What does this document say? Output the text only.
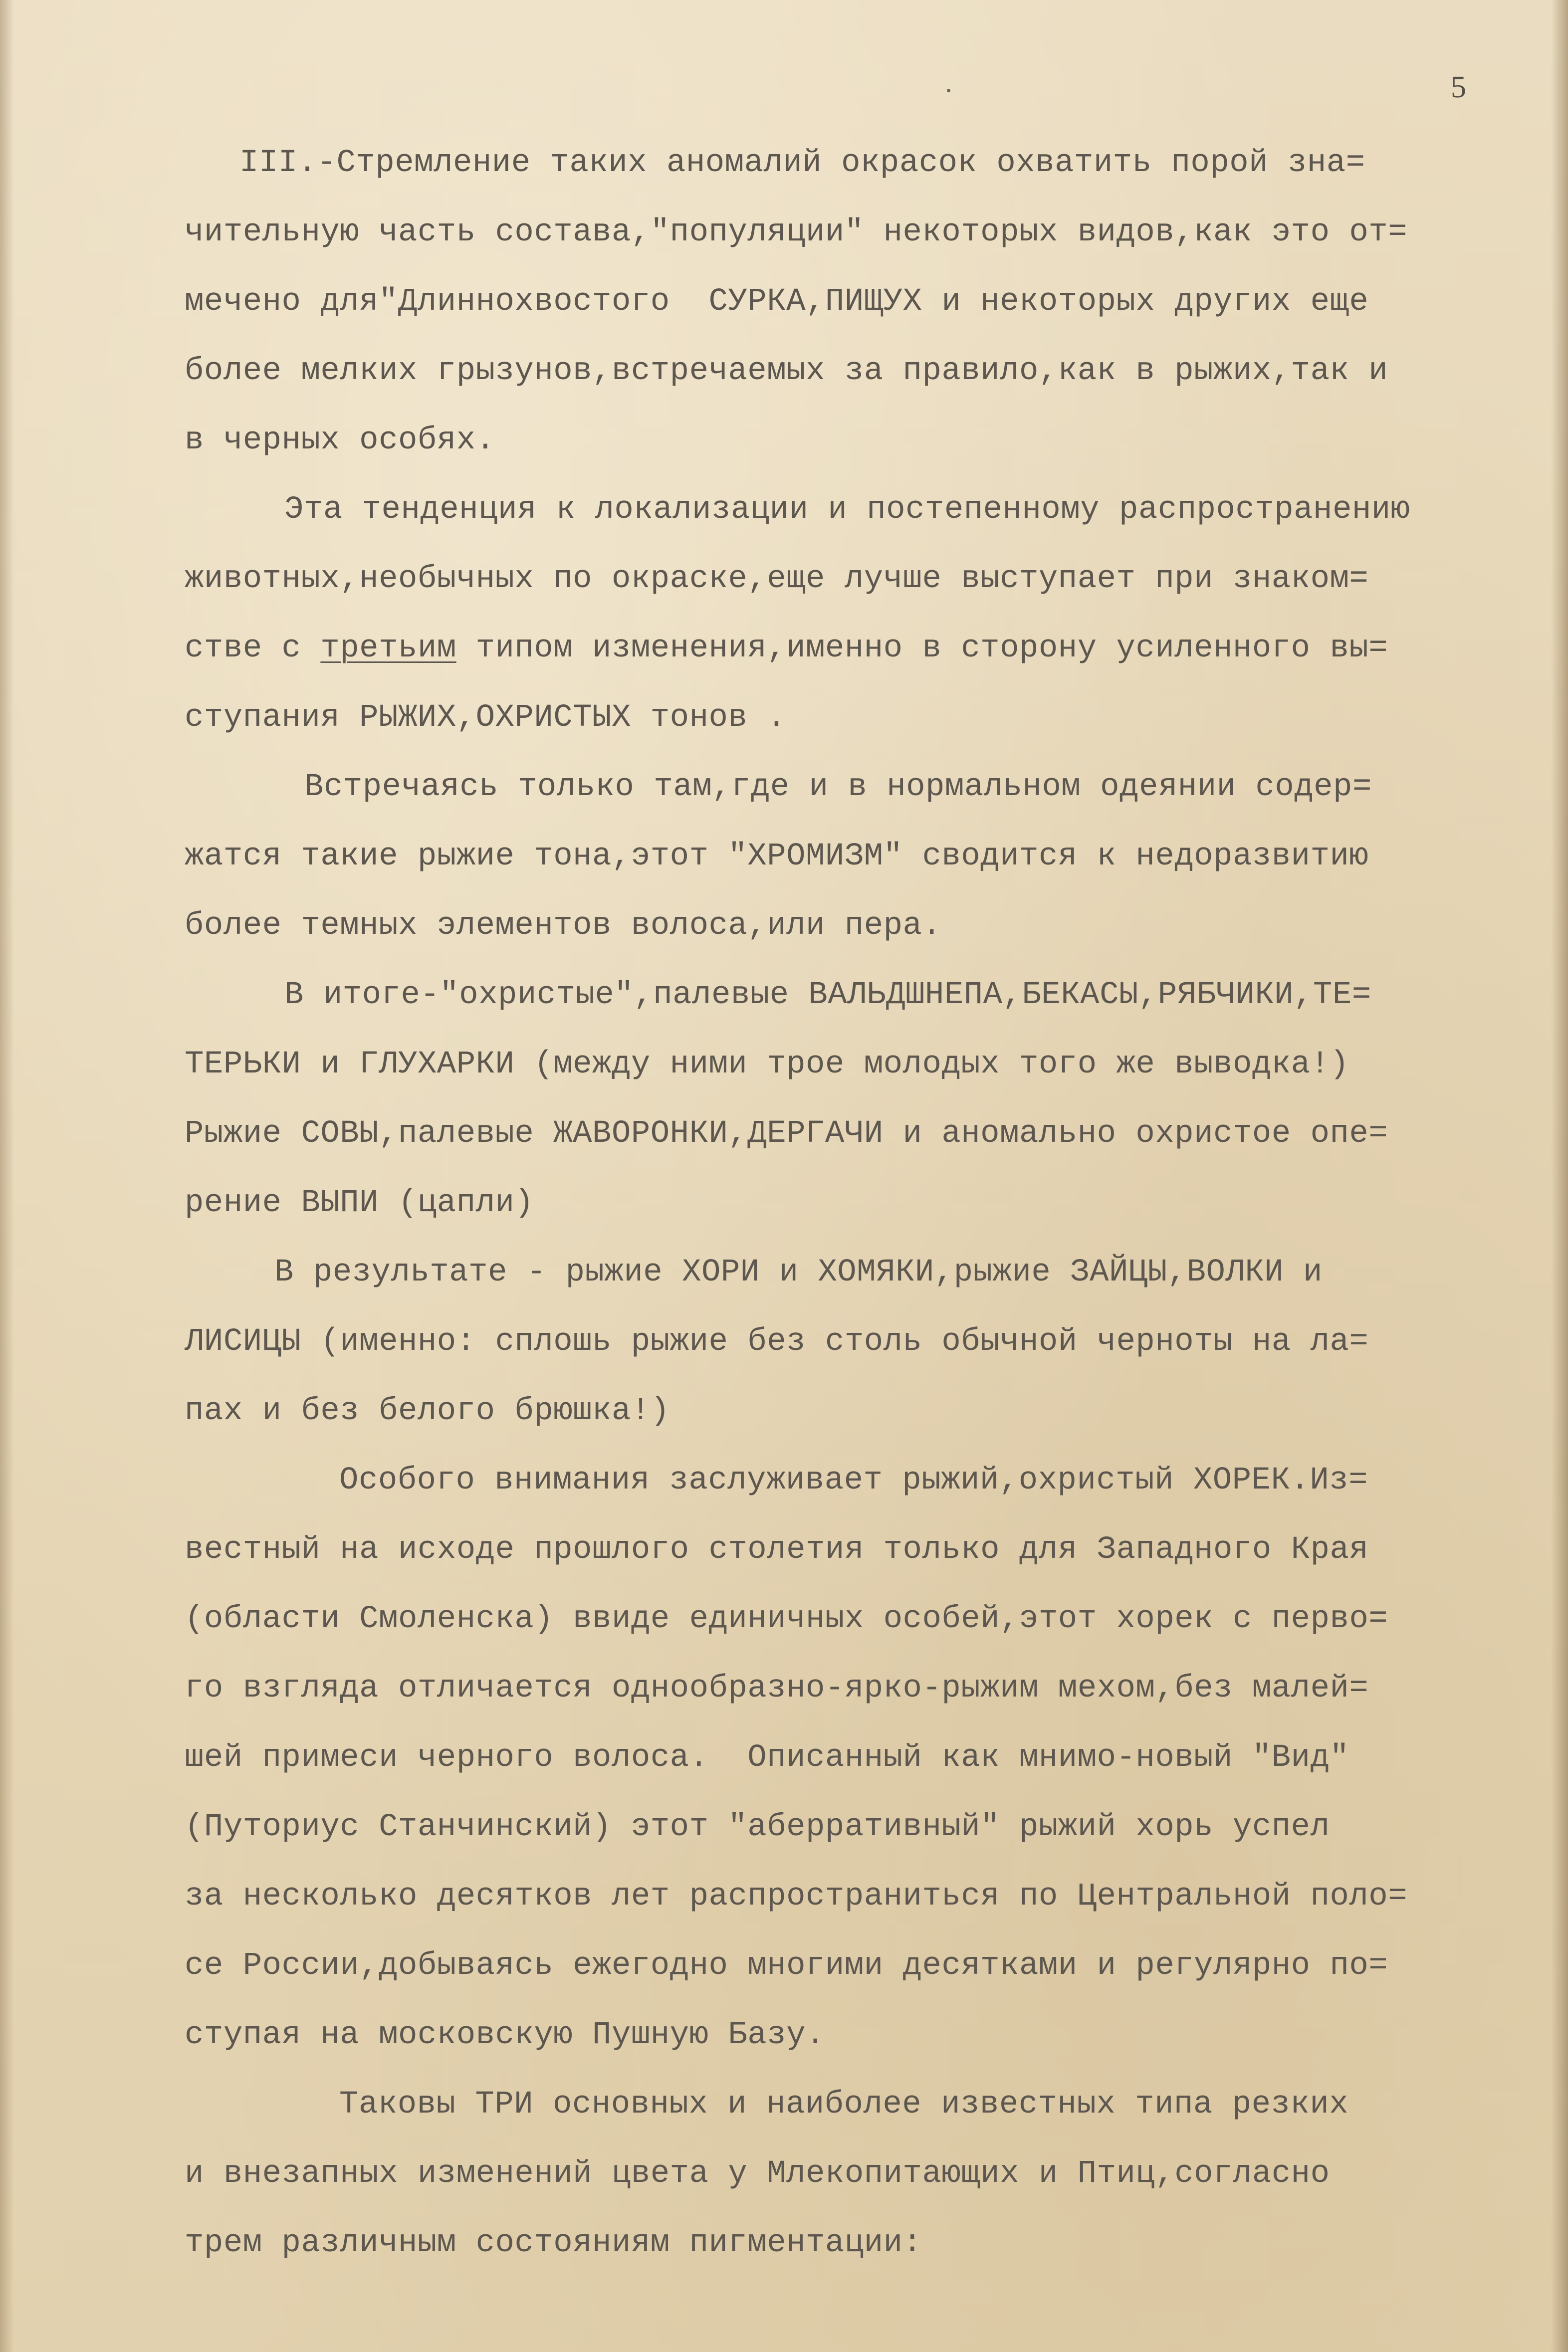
5
III.-Стремление таких аномалий окрасок охватить порой зна=
чительную часть состава,"популяции" некоторых видов,как это от=
мечено для"Длиннохвостого  СУРКА,ПИЩУХ и некоторых других еще
более мелких грызунов,встречаемых за правило,как в рыжих,так и
в черных особях.
Эта тенденция к локализации и постепенному распространению
животных,необычных по окраске,еще лучше выступает при знаком=
стве с третьим типом изменения,именно в сторону усиленного вы=
ступания РЫЖИХ,ОХРИСТЫХ тонов .
Встречаясь только там,где и в нормальном одеянии содер=
жатся такие рыжие тона,этот "ХРОМИЗМ" сводится к недоразвитию
более темных элементов волоса,или пера.
В итоге-"охристые",палевые ВАЛЬДШНЕПА,БЕКАСЫ,РЯБЧИКИ,ТЕ=
ТЕРЬКИ и ГЛУХАРКИ (между ними трое молодых того же выводка!)
Рыжие СОВЫ,палевые ЖАВОРОНКИ,ДЕРГАЧИ и аномально охристое опе=
рение ВЫПИ (цапли)
В результате - рыжие ХОРИ и ХОМЯКИ,рыжие ЗАЙЦЫ,ВОЛКИ и
ЛИСИЦЫ (именно: сплошь рыжие без столь обычной черноты на ла=
пах и без белого брюшка!)
Особого внимания заслуживает рыжий,охристый ХОРЕК.Из=
вестный на исходе прошлого столетия только для Западного Края
(области Смоленска) ввиде единичных особей,этот хорек с перво=
го взгляда отличается однообразно-ярко-рыжим мехом,без малей=
шей примеси черного волоса.  Описанный как мнимо-новый "Вид"
(Путориус Станчинский) этот "аберративный" рыжий хорь успел
за несколько десятков лет распространиться по Центральной поло=
се России,добываясь ежегодно многими десятками и регулярно по=
ступая на московскую Пушную Базу.
Таковы ТРИ основных и наиболее известных типа резких
и внезапных изменений цвета у Млекопитающих и Птиц,согласно
трем различным состояниям пигментации:
